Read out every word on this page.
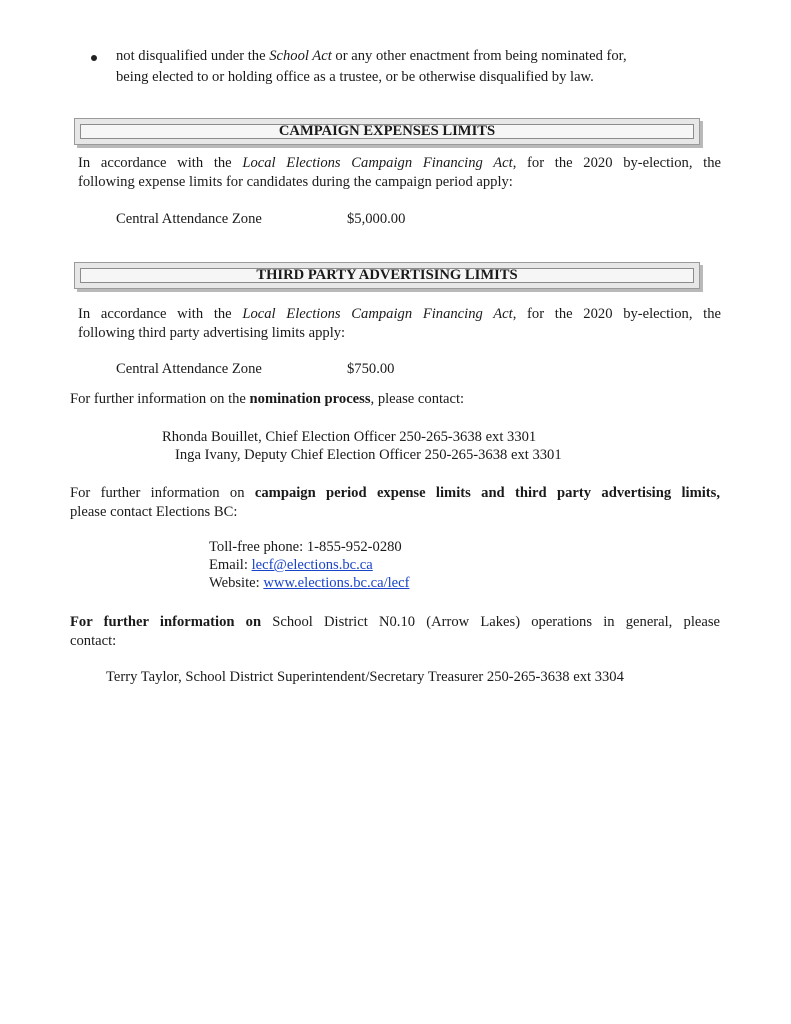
not disqualified under the School Act or any other enactment from being nominated for,
being elected to or holding office as a trustee, or be otherwise disqualified by law.
CAMPAIGN EXPENSES LIMITS
In accordance with the Local Elections Campaign Financing Act, for the 2020 by-election, the
following expense limits for candidates during the campaign period apply:
Central Attendance Zone	$5,000.00
THIRD PARTY ADVERTISING LIMITS
In accordance with the Local Elections Campaign Financing Act, for the 2020 by-election, the
following third party advertising limits apply:
Central Attendance Zone	$750.00
For further information on the nomination process, please contact:
Rhonda Bouillet, Chief Election Officer 250-265-3638 ext 3301
Inga Ivany, Deputy Chief Election Officer 250-265-3638 ext 3301
For further information on campaign period expense limits and third party advertising limits,
please contact Elections BC:
Toll-free phone: 1-855-952-0280
Email: lecf@elections.bc.ca
Website: www.elections.bc.ca/lecf
For further information on School District N0.10 (Arrow Lakes) operations in general, please
contact:
Terry Taylor, School District Superintendent/Secretary Treasurer 250-265-3638 ext 3304
